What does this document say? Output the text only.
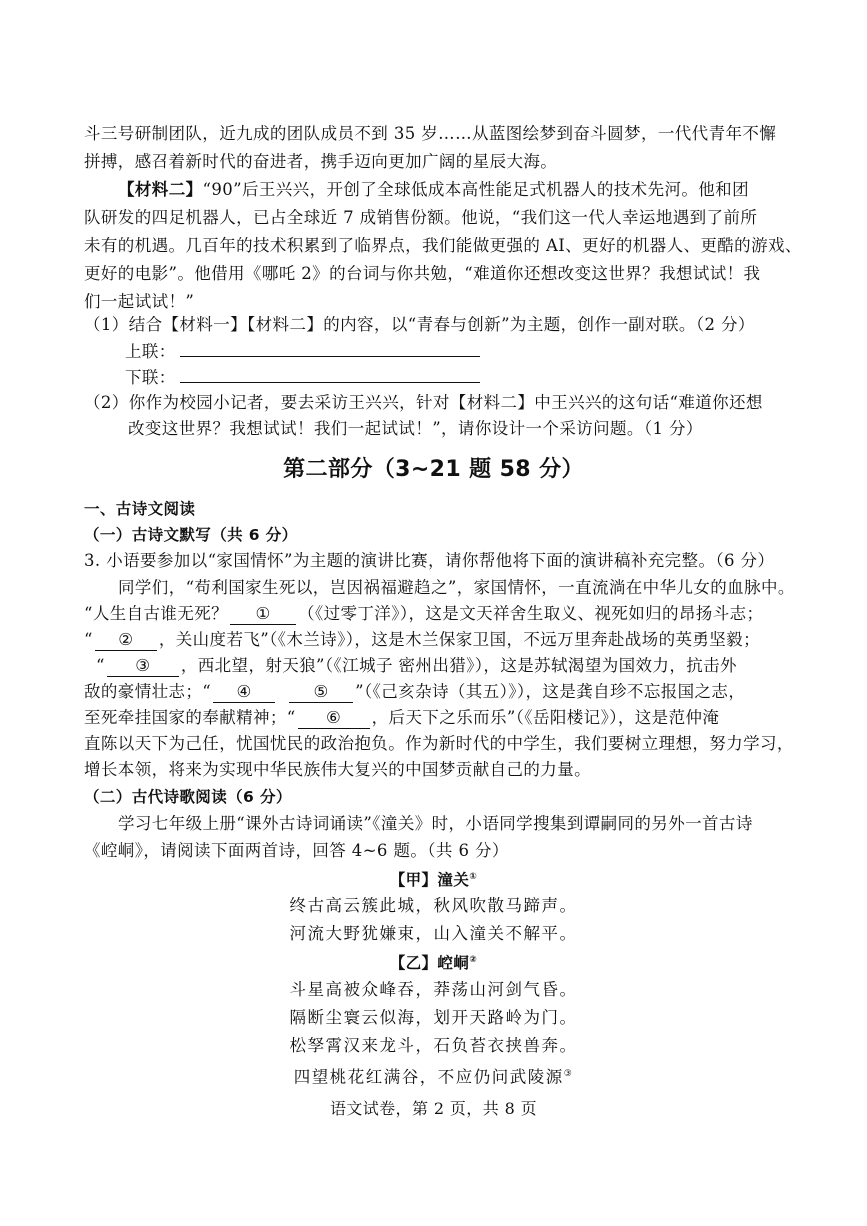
斗三号研制团队，近九成的团队成员不到 35 岁……从蓝图绘梦到奋斗圆梦，一代代青年不懈
拼搏，感召着新时代的奋进者，携手迈向更加广阔的星辰大海。
【材料二】“90”后王兴兴，开创了全球低成本高性能足式机器人的技术先河。他和团
队研发的四足机器人，已占全球近 7 成销售份额。他说，“我们这一代人幸运地遇到了前所
未有的机遇。几百年的技术积累到了临界点，我们能做更强的 AI、更好的机器人、更酷的游戏、
更好的电影”。他借用《哪吒 2》的台词与你共勉，“难道你还想改变这世界？我想试试！我
们一起试试！”
（1）结合【材料一】【材料二】的内容，以“青春与创新”为主题，创作一副对联。（2 分）
上联：
下联：
（2）你作为校园小记者，要去采访王兴兴，针对【材料二】中王兴兴的这句话“难道你还想
改变这世界？我想试试！我们一起试试！”，请你设计一个采访问题。（1 分）
第二部分（3~21 题 58 分）
一、古诗文阅读
（一）古诗文默写（共 6 分）
3. 小语要参加以“家国情怀”为主题的演讲比赛，请你帮他将下面的演讲稿补充完整。（6 分）
同学们，“苟利国家生死以，岂因祸福避趋之”，家国情怀，一直流淌在中华儿女的血脉中。
“人生自古谁无死？ ① （《过零丁洋》），这是文天祥舍生取义、视死如归的昂扬斗志；
“ ② ，关山度若飞”（《木兰诗》），这是木兰保家卫国，不远万里奔赴战场的英勇坚毅；
“ ③ ，西北望，射天狼”（《江城子 密州出猎》），这是苏轼渴望为国效力，抗击外
敌的豪情壮志；“ ④	⑤ ”（《己亥杂诗（其五）》），这是龚自珍不忘报国之志，
至死牵挂国家的奉献精神；“ ⑥ ，后天下之乐而乐”（《岳阳楼记》），这是范仲淹
直陈以天下为己任，忧国忧民的政治抱负。作为新时代的中学生，我们要树立理想，努力学习，
增长本领，将来为实现中华民族伟大复兴的中国梦贡献自己的力量。
（二）古代诗歌阅读（6 分）
学习七年级上册“课外古诗词诵读”《潼关》时，小语同学搜集到谭嗣同的另外一首古诗
《崆峒》，请阅读下面两首诗，回答 4~6 题。（共 6 分）
【甲】潼关①
终古高云簇此城，秋风吹散马蹄声。
河流大野犹嫌束，山入潼关不解平。
【乙】崆峒②
斗星高被众峰吞，莽荡山河剑气昏。
隔断尘寰云似海，划开天路岭为门。
松孥霄汉来龙斗，石负苔衣挟兽奔。
四望桃花红满谷，不应仍问武陵源③
语文试卷，第 2 页，共 8 页
